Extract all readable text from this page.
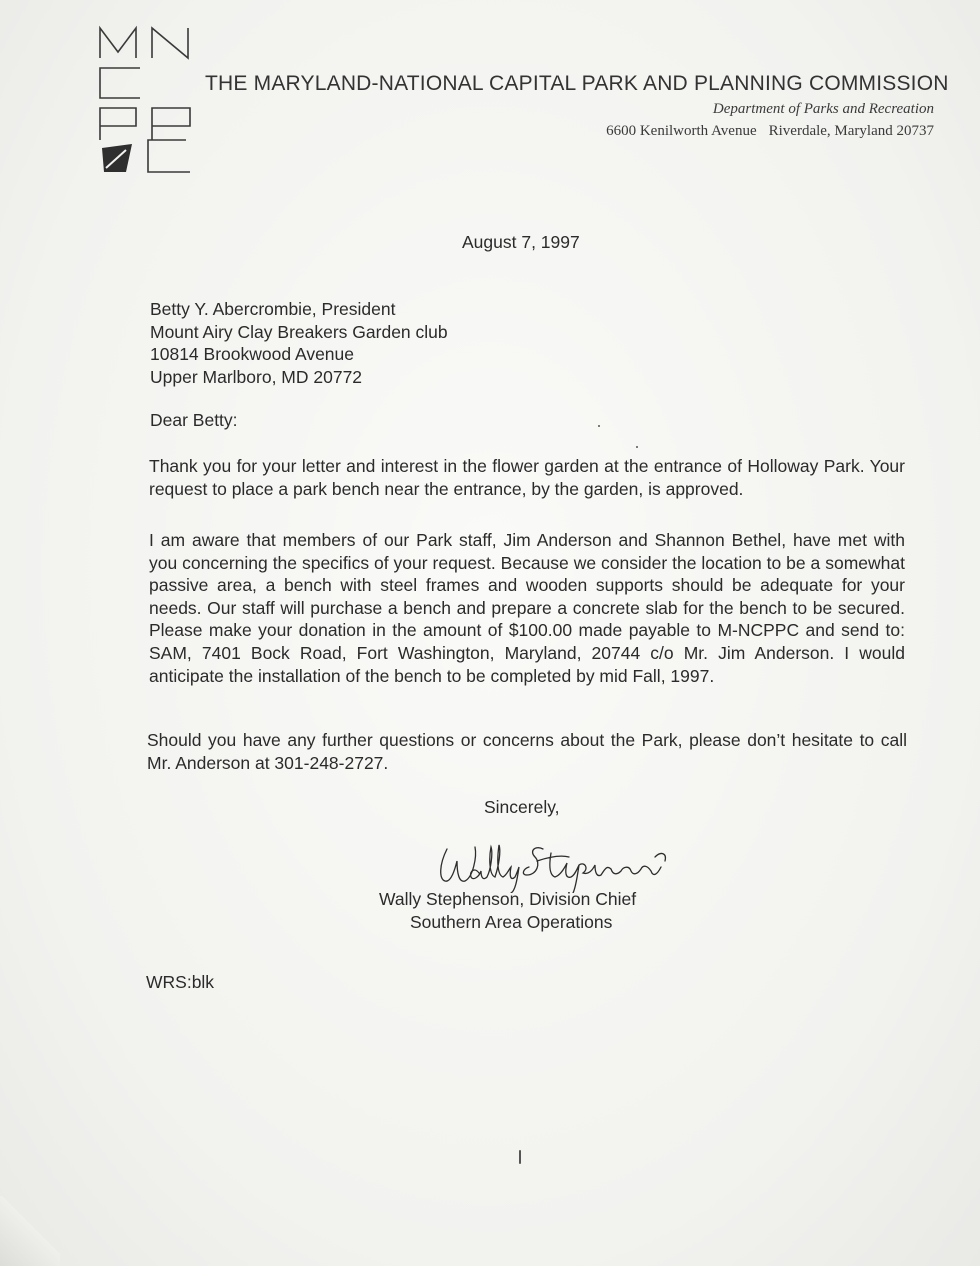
THE MARYLAND-NATIONAL CAPITAL PARK AND PLANNING COMMISSION
Department of Parks and Recreation
6600 Kenilworth Avenue Riverdale, Maryland 20737
August 7, 1997
Betty Y. Abercrombie, President
Mount Airy Clay Breakers Garden club
10814 Brookwood Avenue
Upper Marlboro, MD 20772
Dear Betty:
Thank you for your letter and interest in the flower garden at the entrance of Holloway Park. Your request to place a park bench near the entrance, by the garden, is approved.
I am aware that members of our Park staff, Jim Anderson and Shannon Bethel, have met with you concerning the specifics of your request. Because we consider the location to be a somewhat passive area, a bench with steel frames and wooden supports should be adequate for your needs. Our staff will purchase a bench and prepare a concrete slab for the bench to be secured. Please make your donation in the amount of $100.00 made payable to M-NCPPC and send to: SAM, 7401 Bock Road, Fort Washington, Maryland, 20744 c/o Mr. Jim Anderson. I would anticipate the installation of the bench to be completed by mid Fall, 1997.
Should you have any further questions or concerns about the Park, please don’t hesitate to call Mr. Anderson at 301-248-2727.
Sincerely,
Wally Stephenson, Division Chief
Southern Area Operations
WRS:blk
